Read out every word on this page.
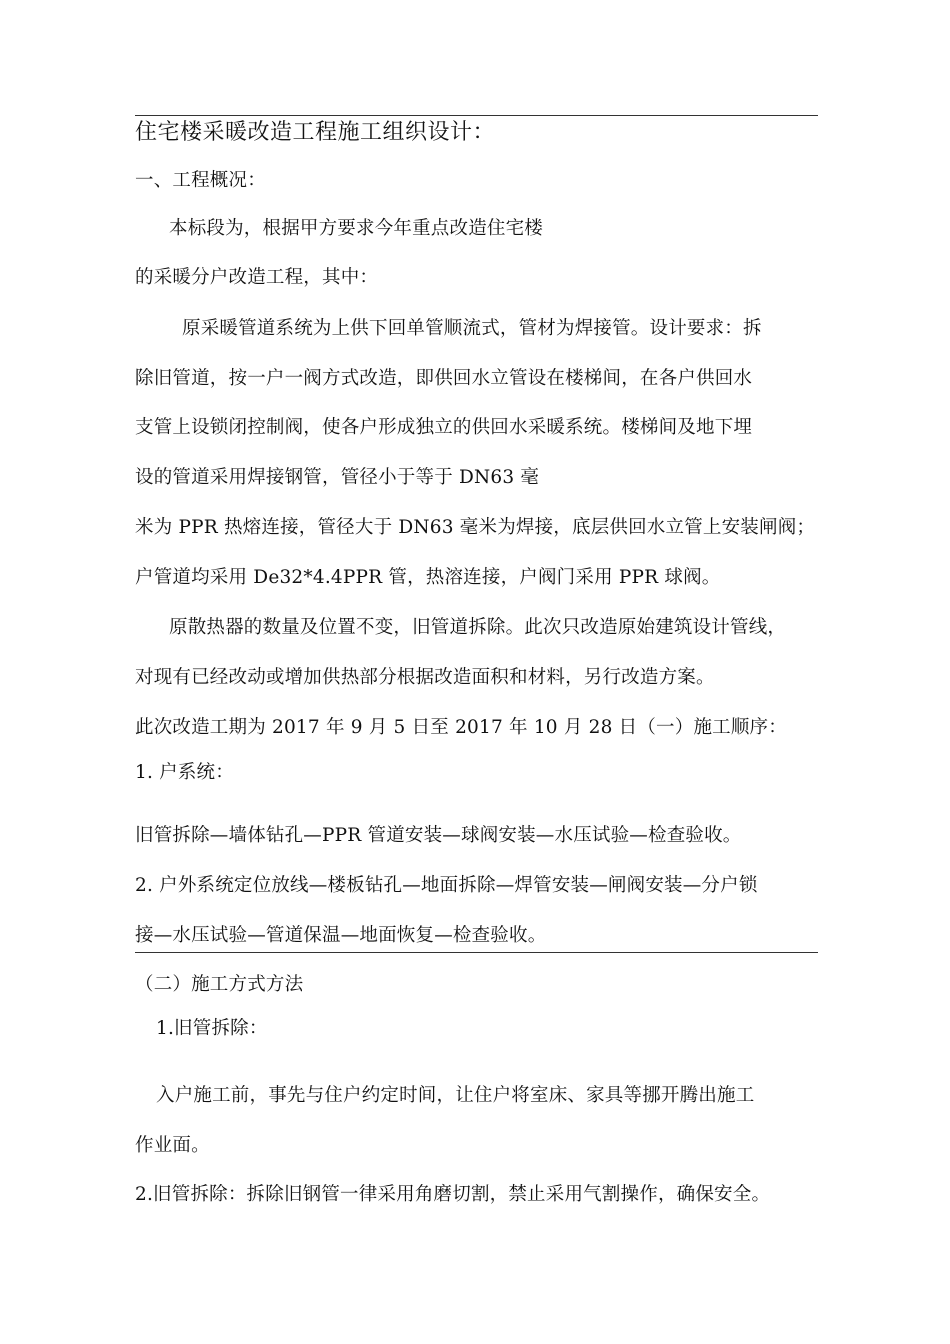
住宅楼采暖改造工程施工组织设计：
一、工程概况：
本标段为，根据甲方要求今年重点改造住宅楼
的采暖分户改造工程，其中：
原采暖管道系统为上供下回单管顺流式，管材为焊接管。设计要求：拆
除旧管道，按一户一阀方式改造，即供回水立管设在楼梯间，在各户供回水
支管上设锁闭控制阀，使各户形成独立的供回水采暖系统。楼梯间及地下埋
设的管道采用焊接钢管，管径小于等于 DN63 毫
米为 PPR 热熔连接，管径大于 DN63 毫米为焊接，底层供回水立管上安装闸阀；
户管道均采用 De32*4.4PPR 管，热溶连接，户阀门采用 PPR 球阀。
原散热器的数量及位置不变，旧管道拆除。此次只改造原始建筑设计管线，
对现有已经改动或增加供热部分根据改造面积和材料，另行改造方案。
此次改造工期为 2017 年 9 月 5 日至 2017 年 10 月 28 日（一）施工顺序：
1. 户系统：
旧管拆除—墙体钻孔—PPR 管道安装—球阀安装—水压试验—检查验收。
2. 户外系统定位放线—楼板钻孔—地面拆除—焊管安装—闸阀安装—分户锁
接—水压试验—管道保温—地面恢复—检查验收。
（二）施工方式方法
1.旧管拆除：
入户施工前，事先与住户约定时间，让住户将室床、家具等挪开腾出施工
作业面。
2.旧管拆除：拆除旧钢管一律采用角磨切割，禁止采用气割操作，确保安全。
